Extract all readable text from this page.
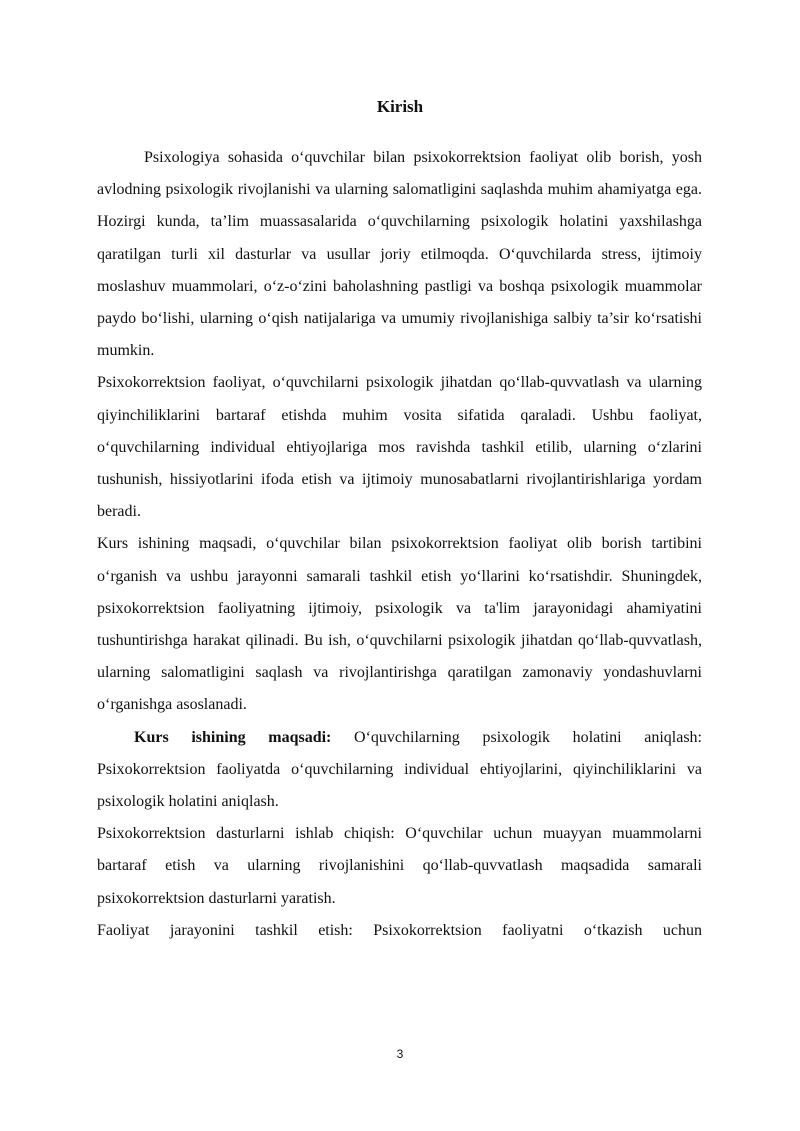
Kirish

Psixologiya sohasida o‘quvchilar bilan psixokorrektsion faoliyat olib borish, yosh avlodning psixologik rivojlanishi va ularning salomatligini saqlashda muhim ahamiyatga ega. Hozirgi kunda, ta’lim muassasalarida o‘quvchilarning psixologik holatini yaxshilashga qaratilgan turli xil dasturlar va usullar joriy etilmoqda. O‘quvchilarda stress, ijtimoiy moslashuv muammolari, o‘z-o‘zini baholashning pastligi va boshqa psixologik muammolar paydo bo‘lishi, ularning o‘qish natijalariga va umumiy rivojlanishiga salbiy ta’sir ko‘rsatishi mumkin.

Psixokorrektsion faoliyat, o‘quvchilarni psixologik jihatdan qo‘llab-quvvatlash va ularning qiyinchiliklarini bartaraf etishda muhim vosita sifatida qaraladi. Ushbu faoliyat, o‘quvchilarning individual ehtiyojlariga mos ravishda tashkil etilib, ularning o‘zlarini tushunish, hissiyotlarini ifoda etish va ijtimoiy munosabatlarni rivojlantirishlariga yordam beradi.

Kurs ishining maqsadi, o‘quvchilar bilan psixokorrektsion faoliyat olib borish tartibini o‘rganish va ushbu jarayonni samarali tashkil etish yo‘llarini ko‘rsatishdir. Shuningdek, psixokorrektsion faoliyatning ijtimoiy, psixologik va ta'lim jarayonidagi ahamiyatini tushuntirishga harakat qilinadi. Bu ish, o‘quvchilarni psixologik jihatdan qo‘llab-quvvatlash, ularning salomatligini saqlash va rivojlantirishga qaratilgan zamonaviy yondashuvlarni o‘rganishga asoslanadi.

Kurs ishining maqsadi: O‘quvchilarning psixologik holatini aniqlash: Psixokorrektsion faoliyatda o‘quvchilarning individual ehtiyojlarini, qiyinchiliklarini va psixologik holatini aniqlash.

Psixokorrektsion dasturlarni ishlab chiqish: O‘quvchilar uchun muayyan muammolarni bartaraf etish va ularning rivojlanishini qo‘llab-quvvatlash maqsadida samarali psixokorrektsion dasturlarni yaratish.

Faoliyat jarayonini tashkil etish: Psixokorrektsion faoliyatni o‘tkazish uchun

3
